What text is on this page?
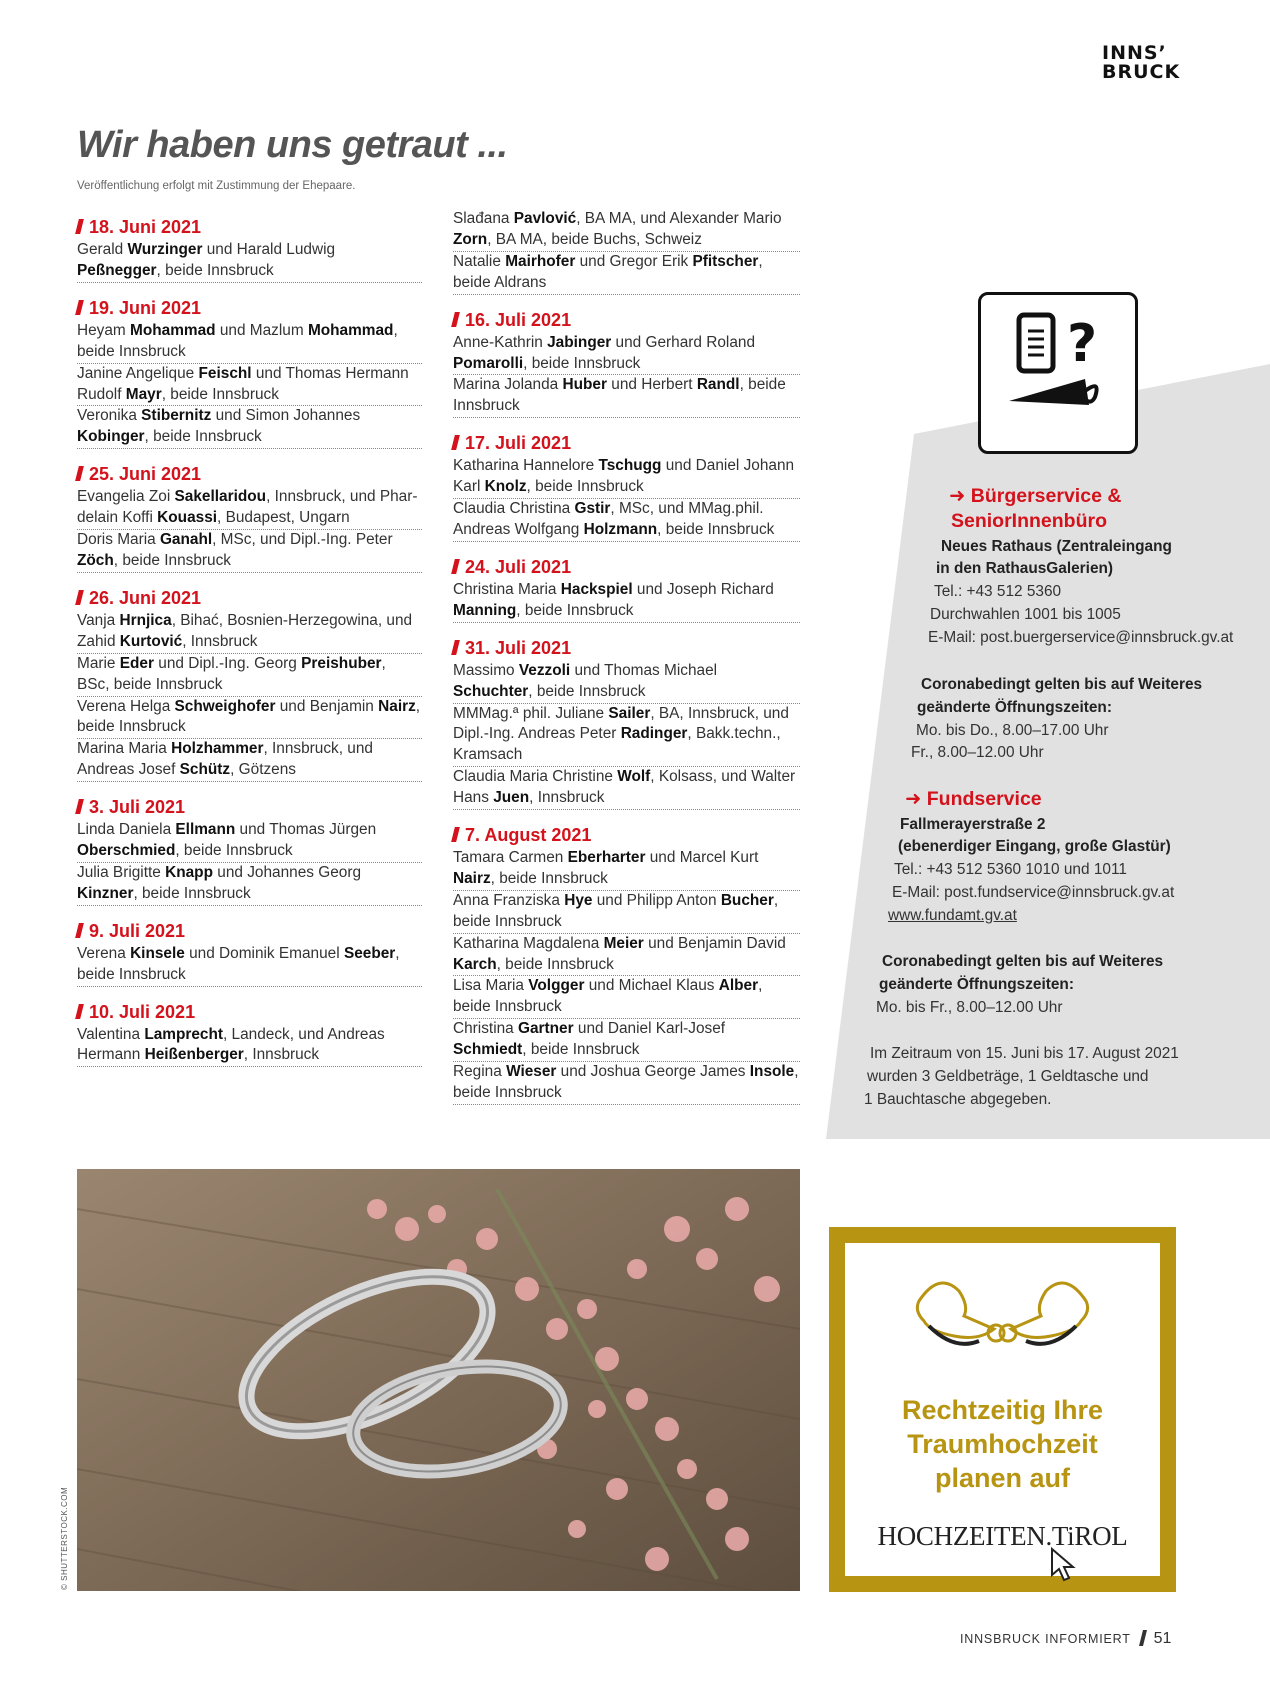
INNS’
BRUCK
Wir haben uns getraut ...
Veröffentlichung erfolgt mit Zustimmung der Ehepaare.
18. Juni 2021
Gerald Wurzinger und Harald Ludwig Peßnegger, beide Innsbruck
19. Juni 2021
Heyam Mohammad und Mazlum Mohammad, beide Innsbruck
Janine Angelique Feischl und Thomas Hermann Rudolf Mayr, beide Innsbruck
Veronika Stibernitz und Simon Johannes Kobinger, beide Innsbruck
25. Juni 2021
Evangelia Zoi Sakellaridou, Innsbruck, und Phardelain Koffi Kouassi, Budapest, Ungarn
Doris Maria Ganahl, MSc, und Dipl.-Ing. Peter Zöch, beide Innsbruck
26. Juni 2021
Vanja Hrnjica, Bihać, Bosnien-Herzegowina, und Zahid Kurtović, Innsbruck
Marie Eder und Dipl.-Ing. Georg Preishuber, BSc, beide Innsbruck
Verena Helga Schweighofer und Benjamin Nairz, beide Innsbruck
Marina Maria Holzhammer, Innsbruck, und Andreas Josef Schütz, Götzens
3. Juli 2021
Linda Daniela Ellmann und Thomas Jürgen Oberschmied, beide Innsbruck
Julia Brigitte Knapp und Johannes Georg Kinzner, beide Innsbruck
9. Juli 2021
Verena Kinsele und Dominik Emanuel Seeber, beide Innsbruck
10. Juli 2021
Valentina Lamprecht, Landeck, und Andreas Hermann Heißenberger, Innsbruck
Slađana Pavlović, BA MA, und Alexander Mario Zorn, BA MA, beide Buchs, Schweiz
Natalie Mairhofer und Gregor Erik Pfitscher, beide Aldrans
16. Juli 2021
Anne-Kathrin Jabinger und Gerhard Roland Pomarolli, beide Innsbruck
Marina Jolanda Huber und Herbert Randl, beide Innsbruck
17. Juli 2021
Katharina Hannelore Tschugg und Daniel Johann Karl Knolz, beide Innsbruck
Claudia Christina Gstir, MSc, und MMag.phil. Andreas Wolfgang Holzmann, beide Innsbruck
24. Juli 2021
Christina Maria Hackspiel und Joseph Richard Manning, beide Innsbruck
31. Juli 2021
Massimo Vezzoli und Thomas Michael Schuchter, beide Innsbruck
MMMag.ª phil. Juliane Sailer, BA, Innsbruck, und Dipl.-Ing. Andreas Peter Radinger, Bakk.techn., Kramsach
Claudia Maria Christine Wolf, Kolsass, und Walter Hans Juen, Innsbruck
7. August 2021
Tamara Carmen Eberharter und Marcel Kurt Nairz, beide Innsbruck
Anna Franziska Hye und Philipp Anton Bucher, beide Innsbruck
Katharina Magdalena Meier und Benjamin David Karch, beide Innsbruck
Lisa Maria Volgger und Michael Klaus Alber, beide Innsbruck
Christina Gartner und Daniel Karl-Josef Schmiedt, beide Innsbruck
Regina Wieser und Joshua George James Insole, beide Innsbruck
?
➜ Bürgerservice &
SeniorInnenbüro
Neues Rathaus (Zentraleingang
in den RathausGalerien)
Tel.: +43 512 5360
Durchwahlen 1001 bis 1005
E-Mail: post.buergerservice@innsbruck.gv.at
Coronabedingt gelten bis auf Weiteres
geänderte Öffnungszeiten:
Mo. bis Do., 8.00–17.00 Uhr
Fr., 8.00–12.00 Uhr
➜ Fundservice
Fallmerayerstraße 2
(ebenerdiger Eingang, große Glastür)
Tel.: +43 512 5360 1010 und 1011
E-Mail: post.fundservice@innsbruck.gv.at
www.fundamt.gv.at
Coronabedingt gelten bis auf Weiteres
geänderte Öffnungszeiten:
Mo. bis Fr., 8.00–12.00 Uhr
Im Zeitraum von 15. Juni bis 17. August 2021
wurden 3 Geldbeträge, 1 Geldtasche und
1 Bauchtasche abgegeben.
© SHUTTERSTOCK.COM
Rechtzeitig Ihre
Traumhochzeit
planen auf
HOCHZEITEN.TiROL
INNSBRUCK INFORMIERT 51
